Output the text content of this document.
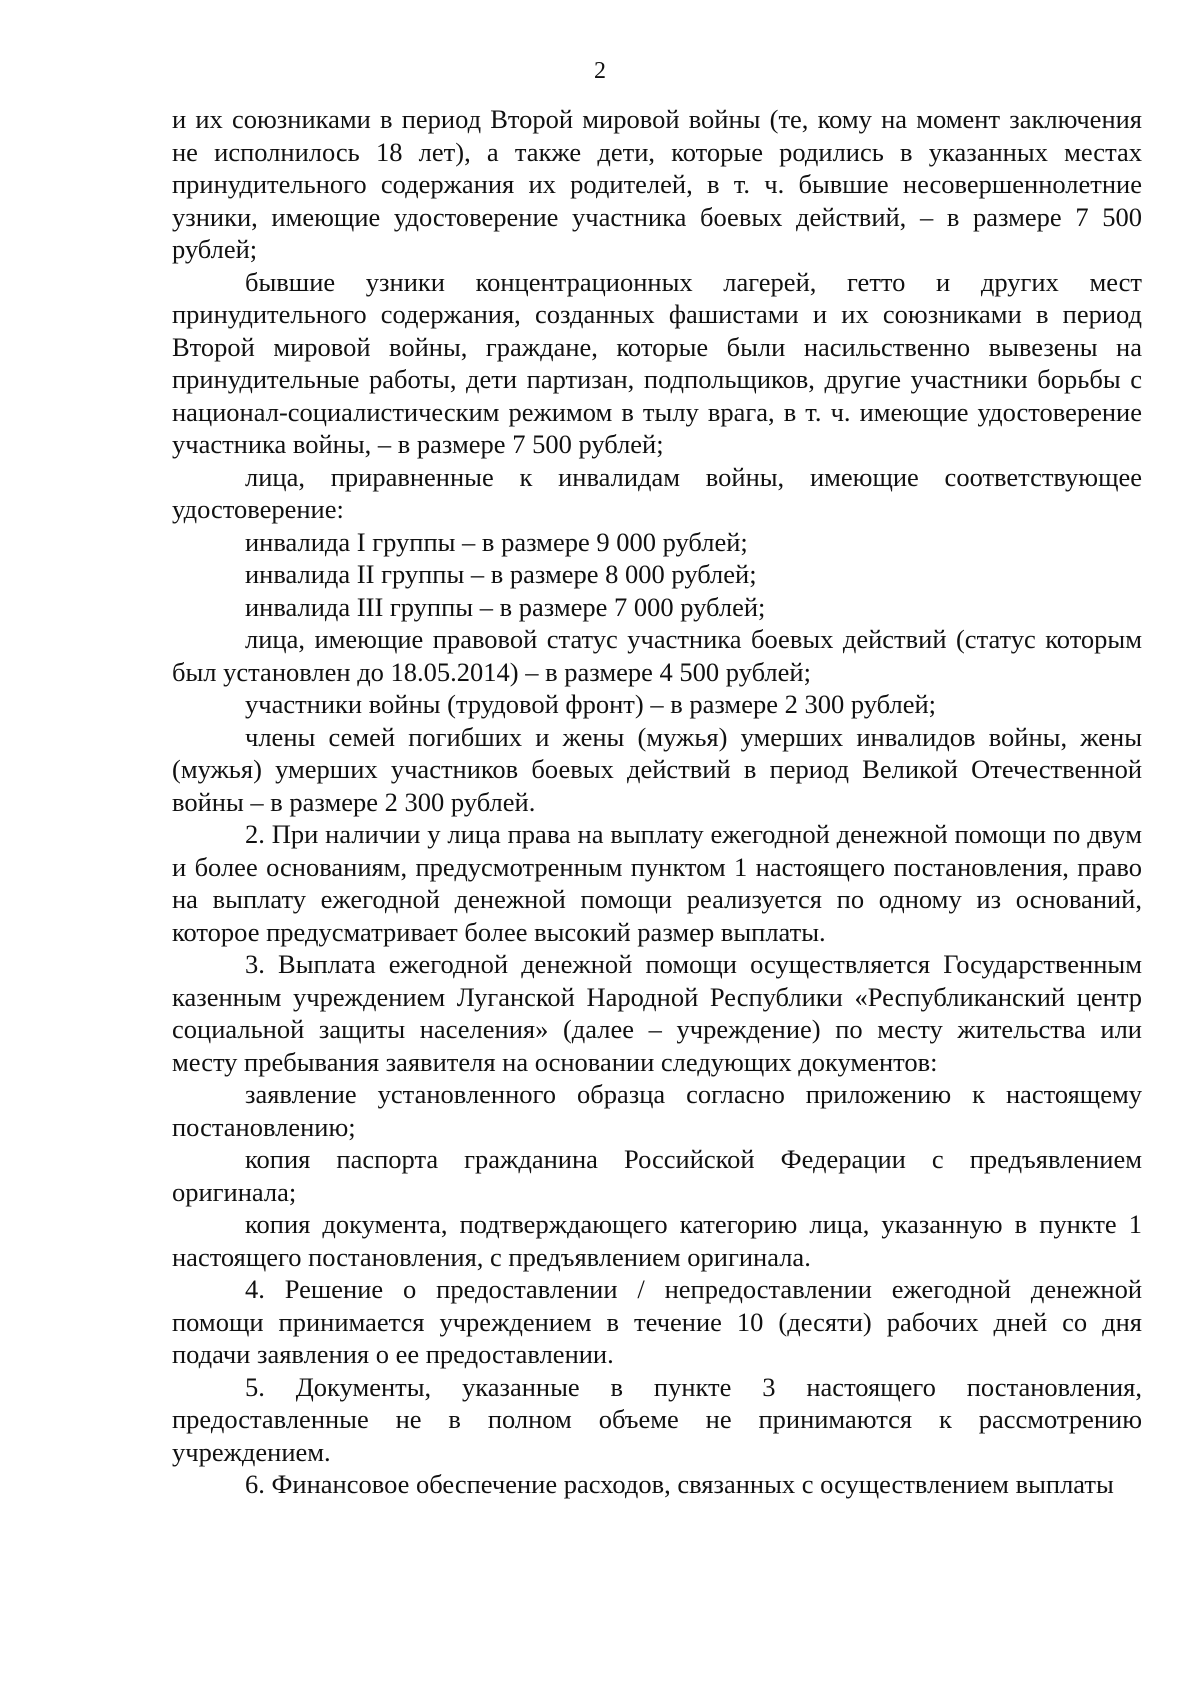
2

и их союзниками в период Второй мировой войны (те, кому на момент заключения не исполнилось 18 лет), а также дети, которые родились в указанных местах принудительного содержания их родителей, в т. ч. бывшие несовершеннолетние узники, имеющие удостоверение участника боевых действий, – в размере 7 500 рублей;

бывшие узники концентрационных лагерей, гетто и других мест принудительного содержания, созданных фашистами и их союзниками в период Второй мировой войны, граждане, которые были насильственно вывезены на принудительные работы, дети партизан, подпольщиков, другие участники борьбы с национал-социалистическим режимом в тылу врага, в т. ч. имеющие удостоверение участника войны, – в размере 7 500 рублей;

лица, приравненные к инвалидам войны, имеющие соответствующее удостоверение:

инвалида I группы – в размере 9 000 рублей;

инвалида II группы – в размере 8 000 рублей;

инвалида III группы – в размере 7 000 рублей;

лица, имеющие правовой статус участника боевых действий (статус которым был установлен до 18.05.2014) – в размере 4 500 рублей;

участники войны (трудовой фронт) – в размере 2 300 рублей;

члены семей погибших и жены (мужья) умерших инвалидов войны, жены (мужья) умерших участников боевых действий в период Великой Отечественной войны – в размере 2 300 рублей.

2. При наличии у лица права на выплату ежегодной денежной помощи по двум и более основаниям, предусмотренным пунктом 1 настоящего постановления, право на выплату ежегодной денежной помощи реализуется по одному из оснований, которое предусматривает более высокий размер выплаты.

3. Выплата ежегодной денежной помощи осуществляется Государственным казенным учреждением Луганской Народной Республики «Республиканский центр социальной защиты населения» (далее – учреждение) по месту жительства или месту пребывания заявителя на основании следующих документов:

заявление установленного образца согласно приложению к настоящему постановлению;

копия паспорта гражданина Российской Федерации с предъявлением оригинала;

копия документа, подтверждающего категорию лица, указанную в пункте 1 настоящего постановления, с предъявлением оригинала.

4. Решение о предоставлении / непредоставлении ежегодной денежной помощи принимается учреждением в течение 10 (десяти) рабочих дней со дня подачи заявления о ее предоставлении.

5. Документы, указанные в пункте 3 настоящего постановления, предоставленные не в полном объеме не принимаются к рассмотрению учреждением.

6. Финансовое обеспечение расходов, связанных с осуществлением выплаты
